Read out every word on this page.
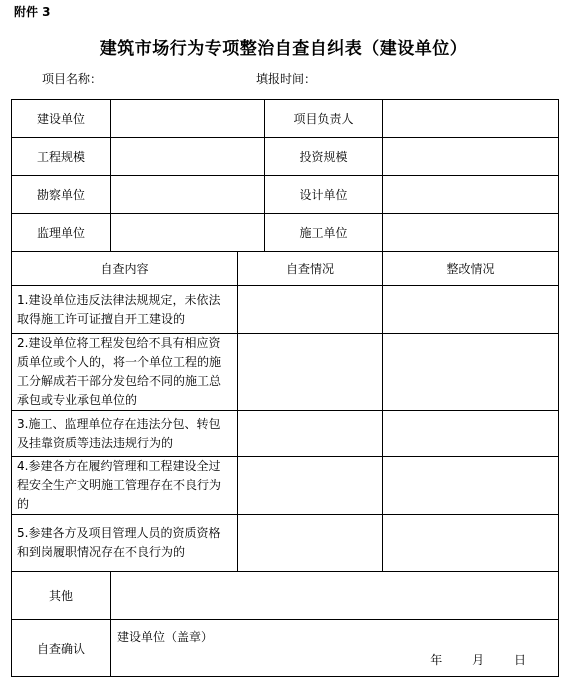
附件 3
建筑市场行为专项整治自查自纠表（建设单位）
项目名称：	填报时间：
建设单位			项目负责人	
工程规模			投资规模	
勘察单位			设计单位	
监理单位			施工单位	
自查内容		自查情况		整改情况
1.建设单位违反法律法规规定，未依法取得施工许可证擅自开工建设的				
2.建设单位将工程发包给不具有相应资质单位或个人的，将一个单位工程的施工分解成若干部分发包给不同的施工总承包或专业承包单位的				
3.施工、监理单位存在违法分包、转包及挂靠资质等违法违规行为的				
4.参建各方在履约管理和工程建设全过程安全生产文明施工管理存在不良行为的				
5.参建各方及项目管理人员的资质资格和到岗履职情况存在不良行为的				
其他				
自查确认	建设单位（盖章）
年 月 日			
